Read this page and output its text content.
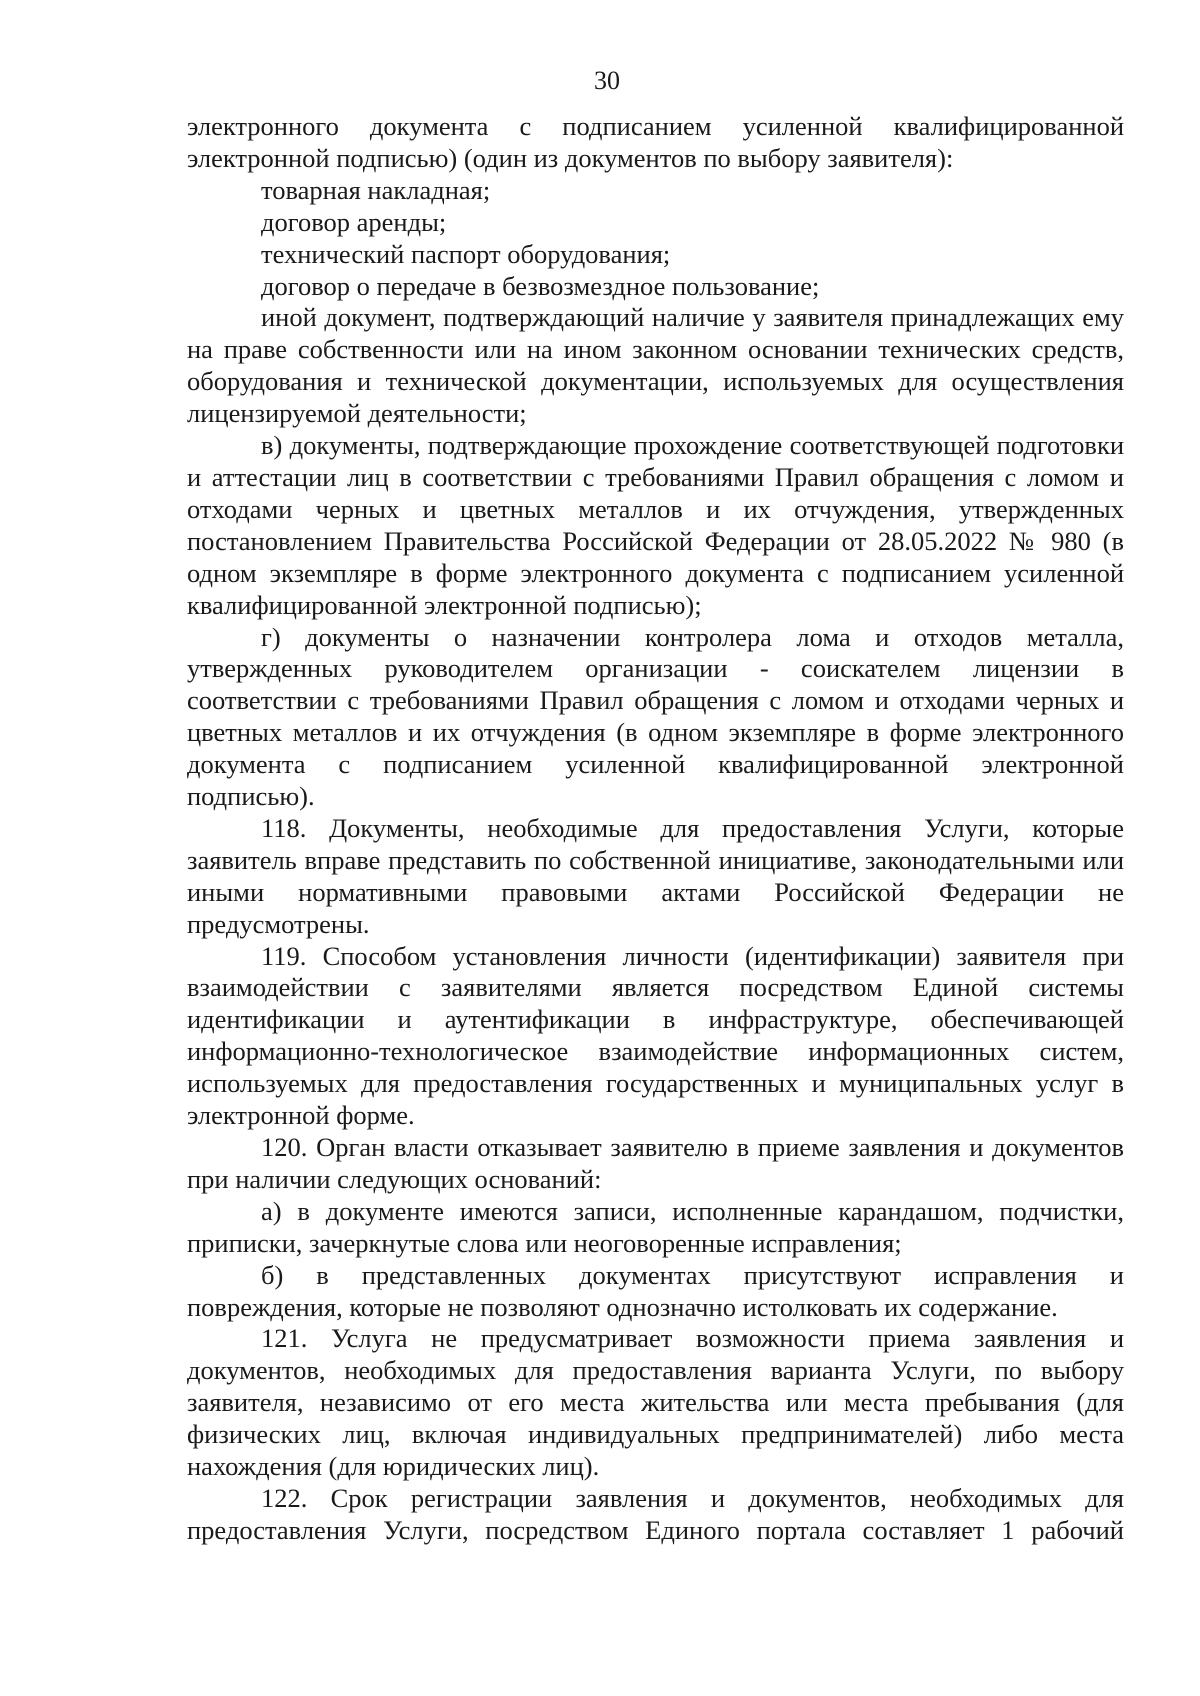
30

электронного документа с подписанием усиленной квалифицированной электронной подписью) (один из документов по выбору заявителя):

товарная накладная;

договор аренды;

технический паспорт оборудования;

договор о передаче в безвозмездное пользование;

иной документ, подтверждающий наличие у заявителя принадлежащих ему на праве собственности или на ином законном основании технических средств, оборудования и технической документации, используемых для осуществления лицензируемой деятельности;

в) документы, подтверждающие прохождение соответствующей подготовки и аттестации лиц в соответствии с требованиями Правил обращения с ломом и отходами черных и цветных металлов и их отчуждения, утвержденных постановлением Правительства Российской Федерации от 28.05.2022 № 980 (в одном экземпляре в форме электронного документа с подписанием усиленной квалифицированной электронной подписью);

г) документы о назначении контролера лома и отходов металла, утвержденных руководителем организации - соискателем лицензии в соответствии с требованиями Правил обращения с ломом и отходами черных и цветных металлов и их отчуждения (в одном экземпляре в форме электронного документа с подписанием усиленной квалифицированной электронной подписью).

118. Документы, необходимые для предоставления Услуги, которые заявитель вправе представить по собственной инициативе, законодательными или иными нормативными правовыми актами Российской Федерации не предусмотрены.

119. Способом установления личности (идентификации) заявителя при взаимодействии с заявителями является посредством Единой системы идентификации и аутентификации в инфраструктуре, обеспечивающей информационно-технологическое взаимодействие информационных систем, используемых для предоставления государственных и муниципальных услуг в электронной форме.

120. Орган власти отказывает заявителю в приеме заявления и документов при наличии следующих оснований:

а) в документе имеются записи, исполненные карандашом, подчистки, приписки, зачеркнутые слова или неоговоренные исправления;

б) в представленных документах присутствуют исправления и повреждения, которые не позволяют однозначно истолковать их содержание.

121. Услуга не предусматривает возможности приема заявления и документов, необходимых для предоставления варианта Услуги, по выбору заявителя, независимо от его места жительства или места пребывания (для физических лиц, включая индивидуальных предпринимателей) либо места нахождения (для юридических лиц).

122. Срок регистрации заявления и документов, необходимых для предоставления Услуги, посредством Единого портала составляет 1 рабочий
